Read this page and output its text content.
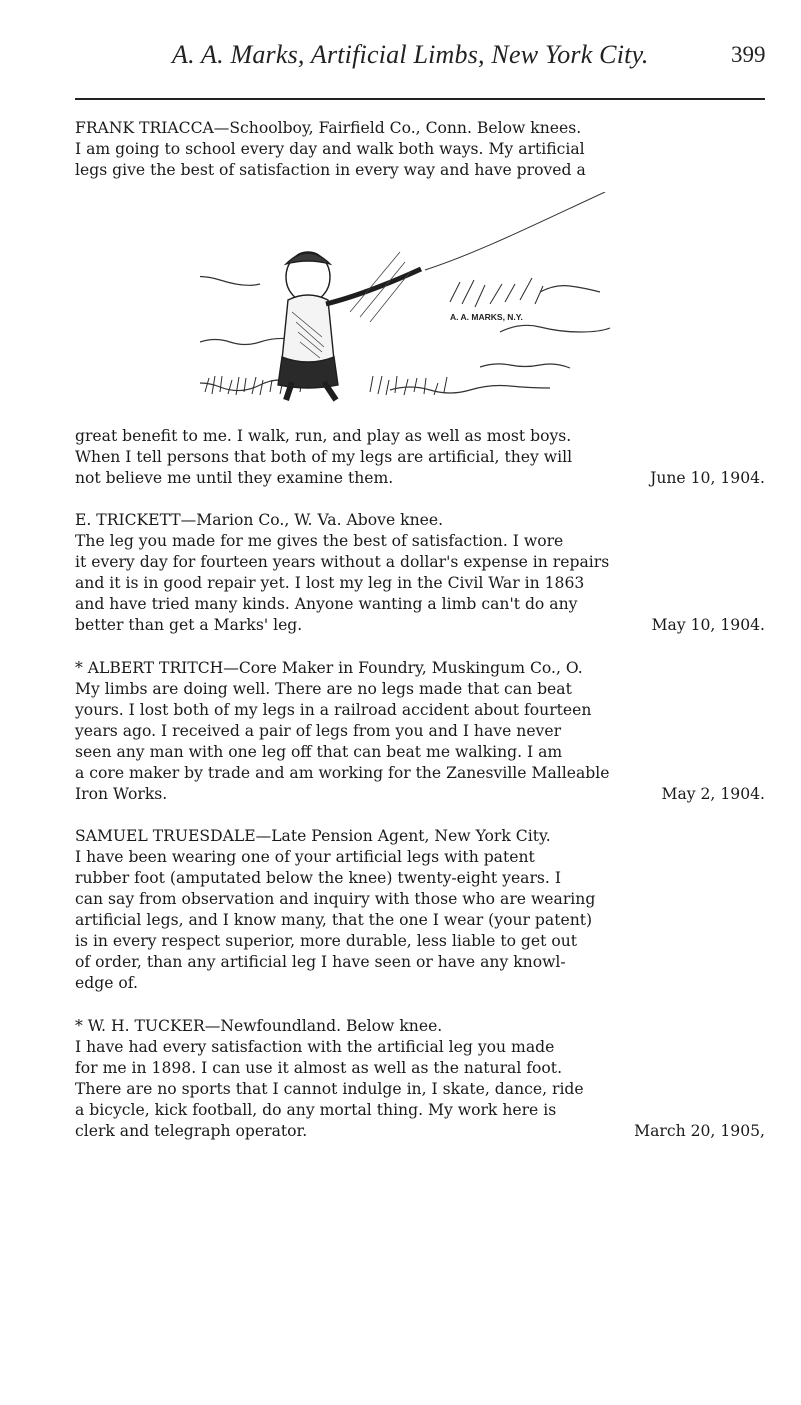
A. A. Marks, Artificial Limbs, New York City.	399
FRANK TRIACCA—Schoolboy, Fairfield Co., Conn. Below knees.
I am going to school every day and walk both ways. My artificial
legs give the best of satisfaction in every way and have proved a
A. A. MARKS, N.Y.
great benefit to me. I walk, run, and play as well as most boys.
When I tell persons that both of my legs are artificial, they will
not believe me until they examine them.	June 10, 1904.
E. TRICKETT—Marion Co., W. Va. Above knee.
The leg you made for me gives the best of satisfaction. I wore
it every day for fourteen years without a dollar's expense in repairs
and it is in good repair yet. I lost my leg in the Civil War in 1863
and have tried many kinds. Anyone wanting a limb can't do any
better than get a Marks' leg.	May 10, 1904.
* ALBERT TRITCH—Core Maker in Foundry, Muskingum Co., O.
My limbs are doing well. There are no legs made that can beat
yours. I lost both of my legs in a railroad accident about fourteen
years ago. I received a pair of legs from you and I have never
seen any man with one leg off that can beat me walking. I am
a core maker by trade and am working for the Zanesville Malleable
Iron Works.	May 2, 1904.
SAMUEL TRUESDALE—Late Pension Agent, New York City.
I have been wearing one of your artificial legs with patent
rubber foot (amputated below the knee) twenty-eight years. I
can say from observation and inquiry with those who are wearing
artificial legs, and I know many, that the one I wear (your patent)
is in every respect superior, more durable, less liable to get out
of order, than any artificial leg I have seen or have any knowl-
edge of.
* W. H. TUCKER—Newfoundland. Below knee.
I have had every satisfaction with the artificial leg you made
for me in 1898. I can use it almost as well as the natural foot.
There are no sports that I cannot indulge in, I skate, dance, ride
a bicycle, kick football, do any mortal thing. My work here is
clerk and telegraph operator.	March 20, 1905,
